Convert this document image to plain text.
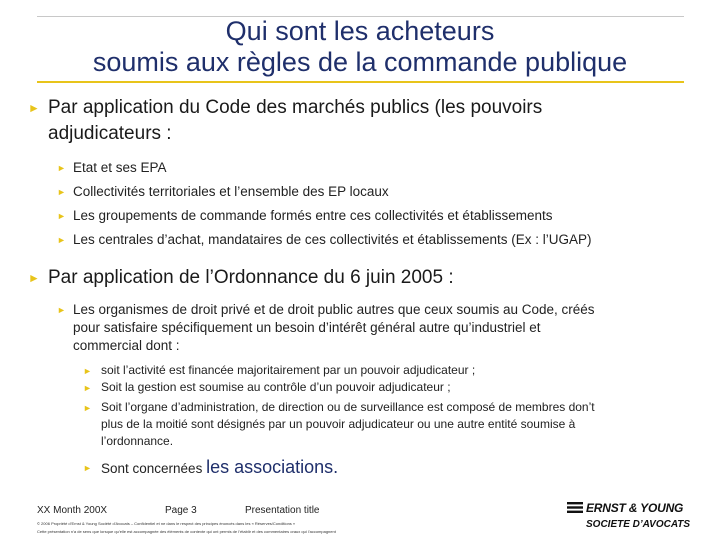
Qui sont les acheteurs
soumis aux règles de la commande publique
► Par application du Code des marchés publics (les pouvoirs
adjudicateurs :
► Etat et ses EPA
► Collectivités territoriales et l’ensemble des EP locaux
► Les groupements de commande formés entre ces collectivités et établissements
► Les centrales d’achat, mandataires de ces collectivités et établissements (Ex : l’UGAP)
► Par application de l’Ordonnance du 6 juin 2005 :
► Les organismes de droit privé et de droit public autres que ceux soumis au Code, créés
pour satisfaire spécifiquement un besoin d’intérêt général autre qu’industriel et
commercial dont :
► soit l’activité est financée majoritairement par un pouvoir adjudicateur ;
► Soit la gestion est soumise au contrôle d’un pouvoir adjudicateur ;
► Soit l’organe d’administration, de direction ou de surveillance est composé de membres don’t
plus de la moitié sont désignés par un pouvoir adjudicateur ou une autre entité soumise à
l’ordonnance.
► Sont concernées les associations.
XX Month 200X	Page 3	Presentation title
© 2006 Propriété d’Ernst & Young Société d’Avocats – Confidentiel et ne dans le respect des principes énoncés dans les « Réserves/Conditions »
Cette présentation n’a de sens que lorsque qu’elle est accompagnée des éléments de contexte qui ont permis de l’établir et des commentaires oraux qui l’accompagnent
ERNST & YOUNG
SOCIETE D’AVOCATS
